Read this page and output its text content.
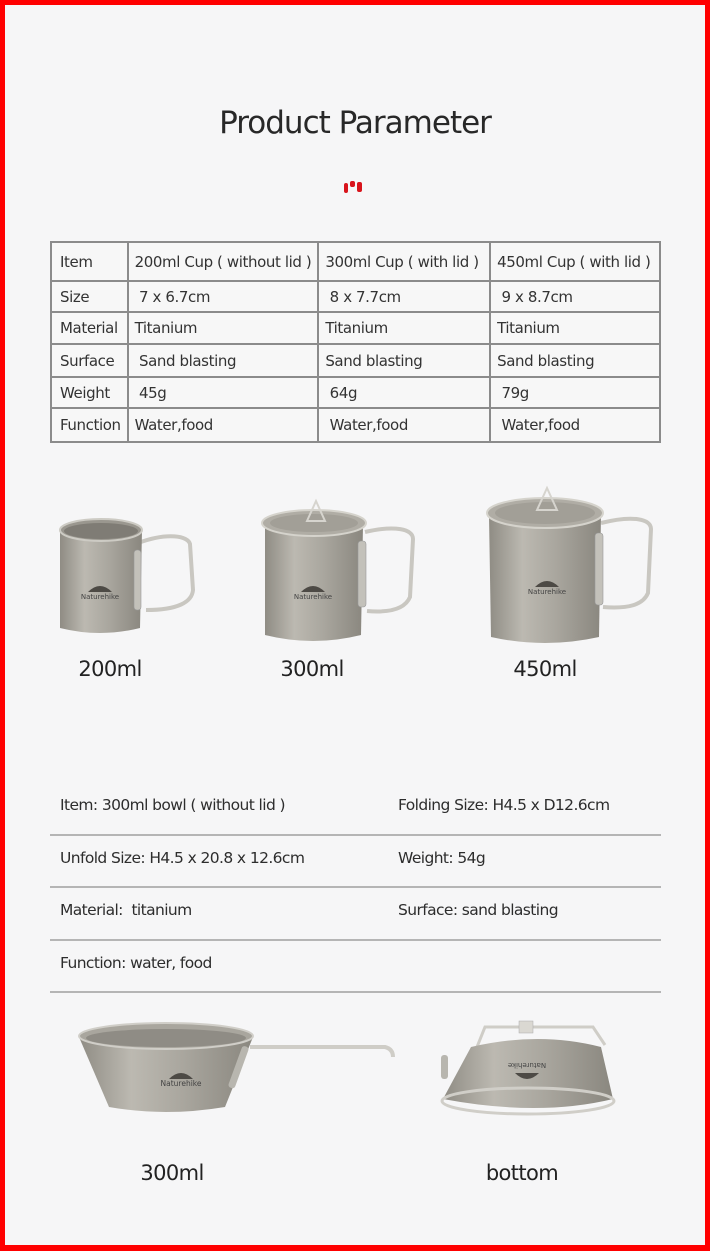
Product Parameter
Item	200ml Cup ( without lid )	300ml Cup ( with lid )	450ml Cup ( with lid )
Size	7 x 6.7cm	8 x 7.7cm	9 x 8.7cm
Material	Titanium	Titanium	Titanium
Surface	Sand blasting	Sand blasting	Sand blasting
Weight	45g	64g	79g
Function	Water,food	Water,food	Water,food
Naturehike	Naturehike
Naturehike
200ml	300ml	450ml
Item: 300ml bowl ( without lid )	Folding Size: H4.5 x D12.6cm
Unfold Size: H4.5 x 20.8 x 12.6cm	Weight: 54g
Material:  titanium	Surface: sand blasting
Function: water, food
Naturehike
Naturehike
300ml	bottom
